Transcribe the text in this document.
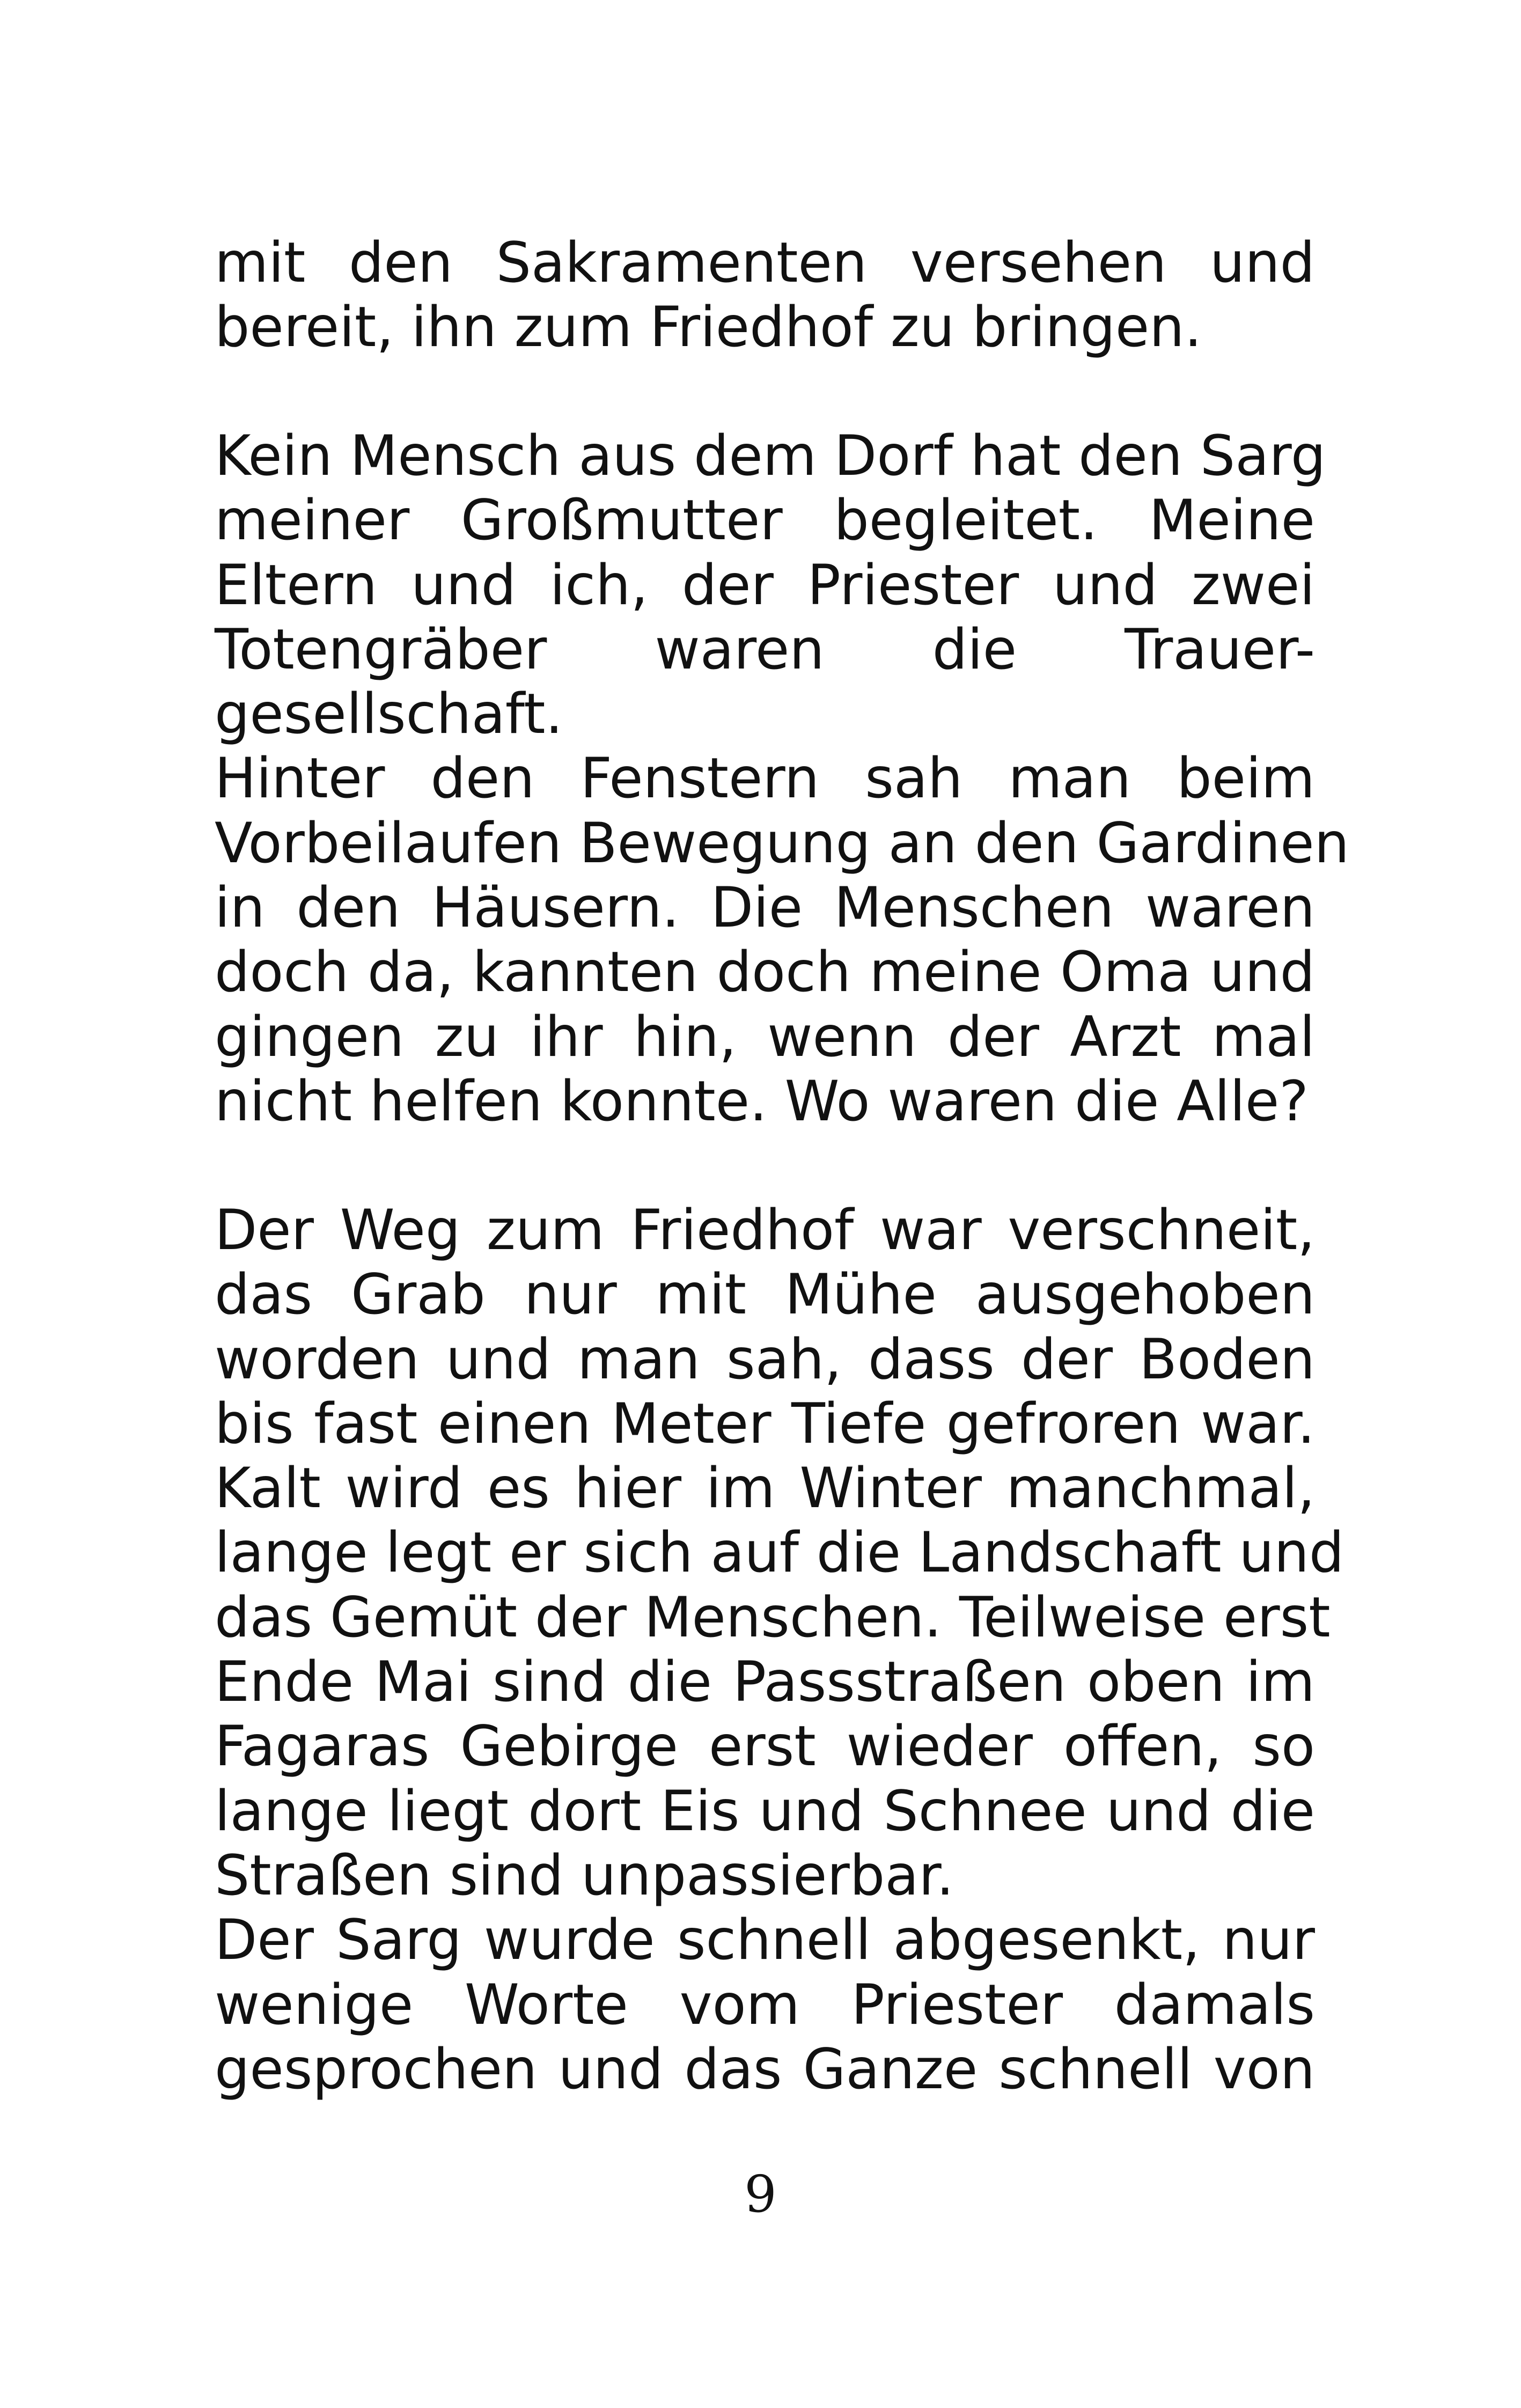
mit den Sakramenten versehen und
bereit, ihn zum Friedhof zu bringen.
Kein Mensch aus dem Dorf hat den Sarg
meiner Großmutter begleitet. Meine
Eltern und ich, der Priester und zwei
Totengräber waren die Trauer-
gesellschaft.
Hinter den Fenstern sah man beim
Vorbeilaufen Bewegung an den Gardinen
in den Häusern. Die Menschen waren
doch da, kannten doch meine Oma und
gingen zu ihr hin, wenn der Arzt mal
nicht helfen konnte. Wo waren die Alle?
Der Weg zum Friedhof war verschneit,
das Grab nur mit Mühe ausgehoben
worden und man sah, dass der Boden
bis fast einen Meter Tiefe gefroren war.
Kalt wird es hier im Winter manchmal,
lange legt er sich auf die Landschaft und
das Gemüt der Menschen. Teilweise erst
Ende Mai sind die Passstraßen oben im
Fagaras Gebirge erst wieder offen, so
lange liegt dort Eis und Schnee und die
Straßen sind unpassierbar.
Der Sarg wurde schnell abgesenkt, nur
wenige Worte vom Priester damals
gesprochen und das Ganze schnell von
9
